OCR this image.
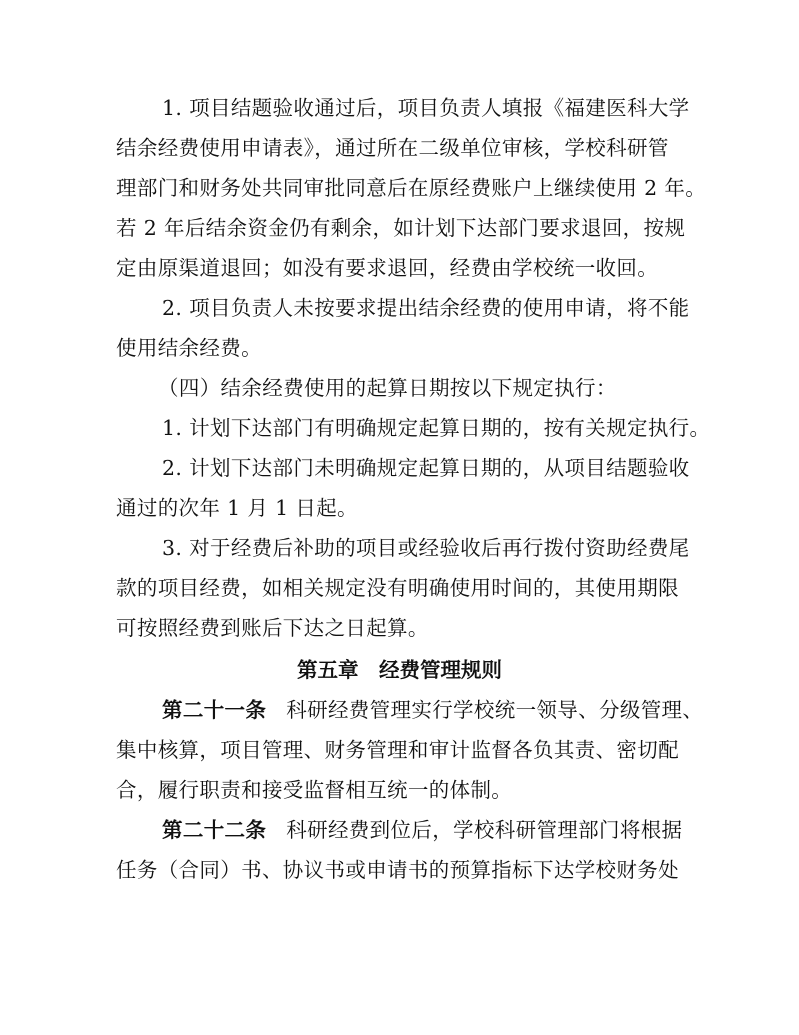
1. 项目结题验收通过后，项目负责人填报《福建医科大学
结余经费使用申请表》，通过所在二级单位审核，学校科研管
理部门和财务处共同审批同意后在原经费账户上继续使用 2 年。
若 2 年后结余资金仍有剩余，如计划下达部门要求退回，按规
定由原渠道退回；如没有要求退回，经费由学校统一收回。
2. 项目负责人未按要求提出结余经费的使用申请，将不能
使用结余经费。
（四）结余经费使用的起算日期按以下规定执行：
1. 计划下达部门有明确规定起算日期的，按有关规定执行。
2. 计划下达部门未明确规定起算日期的，从项目结题验收
通过的次年 1 月 1 日起。
3. 对于经费后补助的项目或经验收后再行拨付资助经费尾
款的项目经费，如相关规定没有明确使用时间的，其使用期限
可按照经费到账后下达之日起算。
第五章　经费管理规则
第二十一条 科研经费管理实行学校统一领导、分级管理、
集中核算，项目管理、财务管理和审计监督各负其责、密切配
合，履行职责和接受监督相互统一的体制。
第二十二条 科研经费到位后，学校科研管理部门将根据
任务（合同）书、协议书或申请书的预算指标下达学校财务处
